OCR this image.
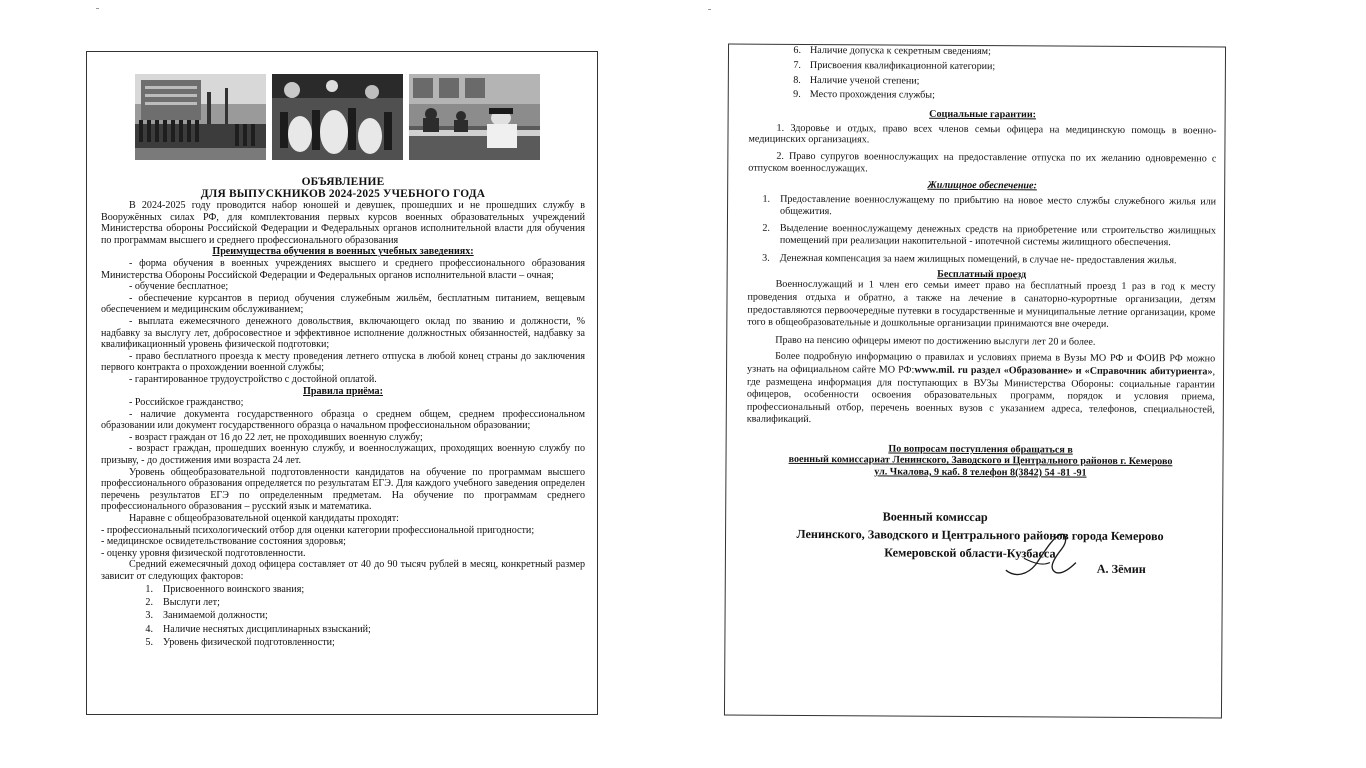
ОБЪЯВЛЕНИЕ
ДЛЯ ВЫПУСКНИКОВ 2024-2025 УЧЕБНОГО ГОДА

В 2024-2025 году проводится набор юношей и девушек, прошедших и не прошедших службу в Вооружённых силах РФ, для комплектования первых курсов военных образовательных учреждений Министерства обороны Российской Федерации и Федеральных органов исполнительной власти для обучения по программам высшего и среднего профессионального образования

Преимущества обучения в военных учебных заведениях:

- форма обучения в военных учреждениях высшего и среднего профессионального образования Министерства Обороны Российской Федерации и Федеральных органов исполнительной власти – очная;

- обучение бесплатное;

- обеспечение курсантов в период обучения служебным жильём, бесплатным питанием, вещевым обеспечением и медицинским обслуживанием;

- выплата ежемесячного денежного довольствия, включающего оклад по званию и должности, % надбавку за выслугу лет, добросовестное и эффективное исполнение должностных обязанностей, надбавку за квалификационный уровень физической подготовки;

- право бесплатного проезда к месту проведения летнего отпуска в любой конец страны до заключения первого контракта о прохождении военной службы;

- гарантированное трудоустройство с достойной оплатой.

Правила приёма:

- Российское гражданство;

- наличие документа государственного образца о среднем общем, среднем профессиональном образовании или документ государственного образца о начальном профессиональном образовании;

- возраст граждан от 16 до 22 лет, не проходивших военную службу;

- возраст граждан, прошедших военную службу, и военнослужащих, проходящих военную службу по призыву, - до достижения ими возраста 24 лет.

Уровень общеобразовательной подготовленности кандидатов на обучение по программам высшего профессионального образования определяется по результатам ЕГЭ. Для каждого учебного заведения определен перечень результатов ЕГЭ по определенным предметам. На обучение по программам среднего профессионального образования – русский язык и математика.

Наравне с общеобразовательной оценкой кандидаты проходят:

- профессиональный психологический отбор для оценки категории профессиональной пригодности;

- медицинское освидетельствование состояния здоровья;

- оценку уровня физической подготовленности.

Средний ежемесячный доход офицера составляет от 40 до 90 тысяч рублей в месяц, конкретный размер зависит от следующих факторов:

1. Присвоенного воинского звания;
2. Выслуги лет;
3. Занимаемой должности;
4. Наличие неснятых дисциплинарных взысканий;
5. Уровень физической подготовленности;
6. Наличие допуска к секретным сведениям;
7. Присвоения квалификационной категории;
8. Наличие ученой степени;
9. Место прохождения службы;
Социальные гарантии:

1. Здоровье и отдых, право всех членов семьи офицера на медицинскую помощь в военно-медицинских организациях.

2. Право супругов военнослужащих на предоставление отпуска по их желанию одновременно с отпуском военнослужащих.

Жилищное обеспечение:
1. Предоставление военнослужащему по прибытию на новое место службы служебного жилья или общежития.
2. Выделение военнослужащему денежных средств на приобретение или строительство жилищных помещений при реализации накопительной - ипотечной системы жилищного обеспечения.
3. Денежная компенсация за наем жилищных помещений, в случае не- предоставления жилья.
Бесплатный проезд

Военнослужащий и 1 член его семьи имеет право на бесплатный проезд 1 раз в год к месту проведения отдыха и обратно, а также на лечение в санаторно-курортные организации, детям предоставляются первоочередные путевки в государственные и муниципальные летние организации, кроме того в общеобразовательные и дошкольные организации принимаются вне очереди.

Право на пенсию офицеры имеют по достижению выслуги лет 20 и более.

Более подробную информацию о правилах и условиях приема в Вузы МО РФ и ФОИВ РФ можно узнать на официальном сайте МО РФ:www.mil. ru раздел «Образование» и «Справочник абитуриента», где размещена информация для поступающих в ВУЗы Министерства Обороны: социальные гарантии офицеров, особенности освоения образовательных программ, порядок и условия приема, профессиональный отбор, перечень военных вузов с указанием адреса, телефонов, специальностей, квалификаций.

По вопросам поступления обращаться в
военный комиссариат Ленинского, Заводского и Центрального районов г. Кемерово
ул. Чкалова, 9 каб. 8 телефон 8(3842) 54 -81 -91
Военный комиссар
Ленинского, Заводского и Центрального районов города Кемерово
Кемеровской области-Кузбасса
А. Зёмин
